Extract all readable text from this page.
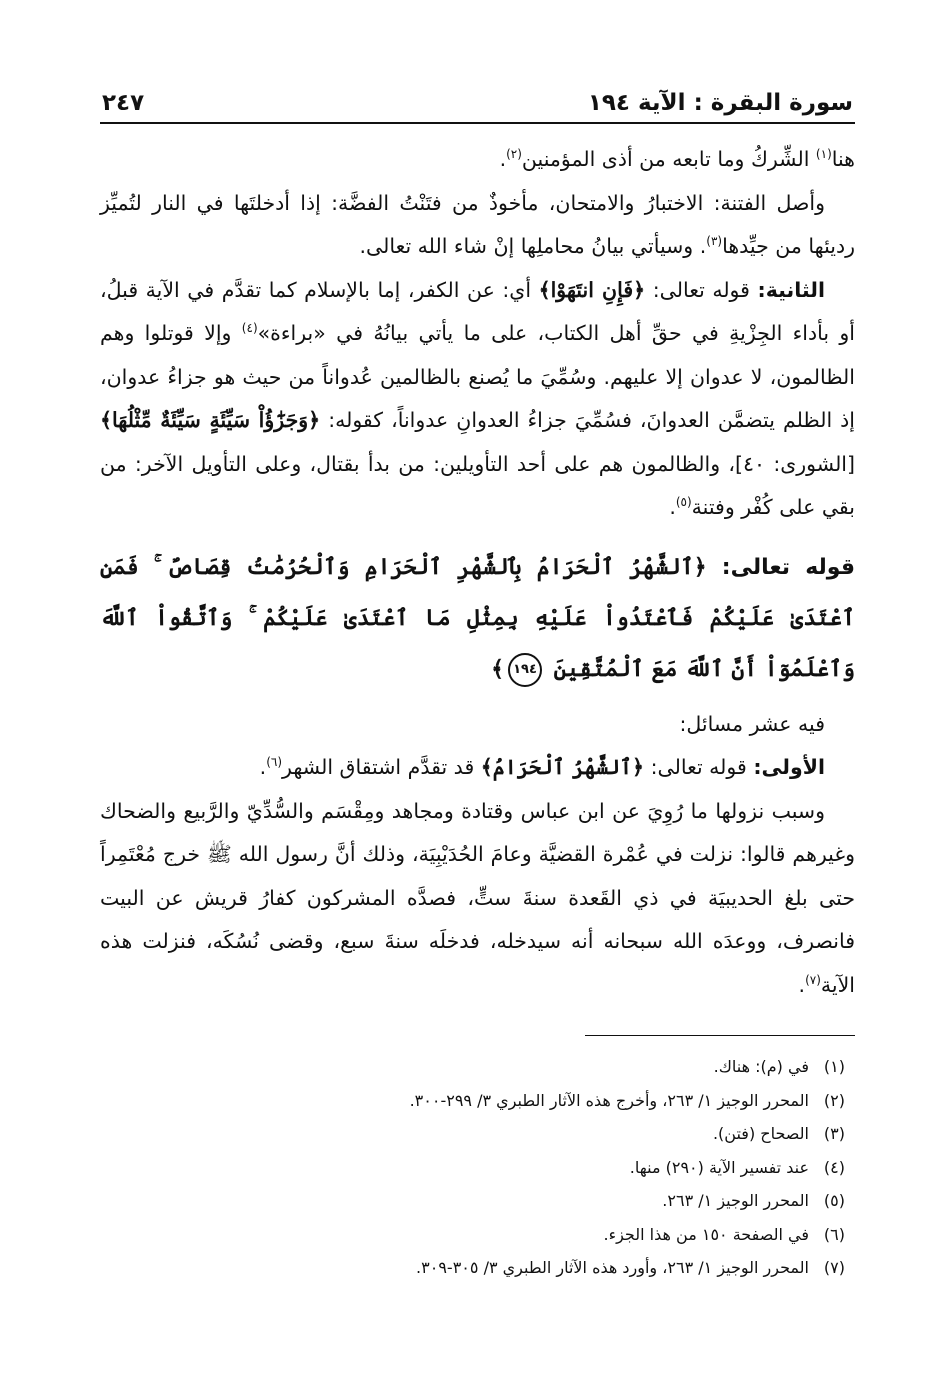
سورة البقرة : الآية ١٩٤
٢٤٧

هنا$^{(١)}$ الشِّركُ وما تابعه من أذى المؤمنين$^{(٢)}$.

وأصل الفتنة: الاختبارُ والامتحان، مأخوذٌ من فتَنْتُ الفضَّة: إذا أدخلتَها في النار لتُميِّز رديئها من جيِّدها$^{(٣)}$. وسيأتي بيانُ محاملِها إنْ شاء الله تعالى.

الثانية: قوله تعالى: ﴿فَإِنِ انتَهَوْا﴾ أي: عن الكفر، إما بالإسلام كما تقدَّم في الآية قبلُ، أو بأداء الجِزْيةِ في حقِّ أهل الكتاب، على ما يأتي بيانُهُ في «براءة»$^{(٤)}$ وإلا قوتلوا وهم الظالمون، لا عدوان إلا عليهم. وسُمِّيَ ما يُصنع بالظالمين عُدواناً من حيث هو جزاءُ عدوان، إذ الظلم يتضمَّن العدوانَ، فسُمِّيَ جزاءُ العدوانِ عدواناً، كقوله: ﴿وَجَزَٰٓؤُاْ سَيِّئَةٍ سَيِّئَةٌ مِّثْلُهَا﴾ [الشورى: ٤٠]، والظالمون هم على أحد التأويلين: من بدأ بقتال، وعلى التأويل الآخر: من بقي على كُفْر وفتنة$^{(٥)}$.

قوله تعالى: ﴿ٱلشَّهْرُ ٱلْحَرَامُ بِٱلشَّهْرِ ٱلْحَرَامِ وَٱلْحُرُمَٰتُ قِصَاصٌ ۚ فَمَنِ ٱعْتَدَىٰ عَلَيْكُمْ فَٱعْتَدُواْ عَلَيْهِ بِمِثْلِ مَا ٱعْتَدَىٰ عَلَيْكُمْ ۚ وَٱتَّقُواْ ٱللَّهَ وَٱعْلَمُوٓاْ أَنَّ ٱللَّهَ مَعَ ٱلْمُتَّقِينَ ١٩٤﴾

فيه عشر مسائل:

الأولى: قوله تعالى: ﴿ٱلشَّهْرُ ٱلْحَرَامُ﴾ قد تقدَّم اشتقاق الشهر$^{(٦)}$.

وسبب نزولها ما رُوِيَ عن ابن عباس وقتادة ومجاهد ومِقْسَم والسُّدِّيّ والرَّبيع والضحاك وغيرهم قالوا: نزلت في عُمْرة القضيَّة وعامَ الحُدَيْبِيَة، وذلك أنَّ رسول الله ﷺ خرج مُعْتَمِراً حتى بلغ الحديبيَة في ذي القَعدة سنةَ ستٍّ، فصدَّه المشركون كفارُ قريش عن البيت فانصرف، ووعدَه الله سبحانه أنه سيدخله، فدخلَه سنةَ سبع، وقضى نُسُكَه، فنزلت هذه الآية$^{(٧)}$.

(١)
في (م): هناك.
(٢)
المحرر الوجيز ١/ ٢٦٣، وأخرج هذه الآثار الطبري ٣/ ٢٩٩-٣٠٠.
(٣)
الصحاح (فتن).
(٤)
عند تفسير الآية (٢٩٠) منها.
(٥)
المحرر الوجيز ١/ ٢٦٣.
(٦)
في الصفحة ١٥٠ من هذا الجزء.
(٧)
المحرر الوجيز ١/ ٢٦٣، وأورد هذه الآثار الطبري ٣/ ٣٠٥-٣٠٩.
